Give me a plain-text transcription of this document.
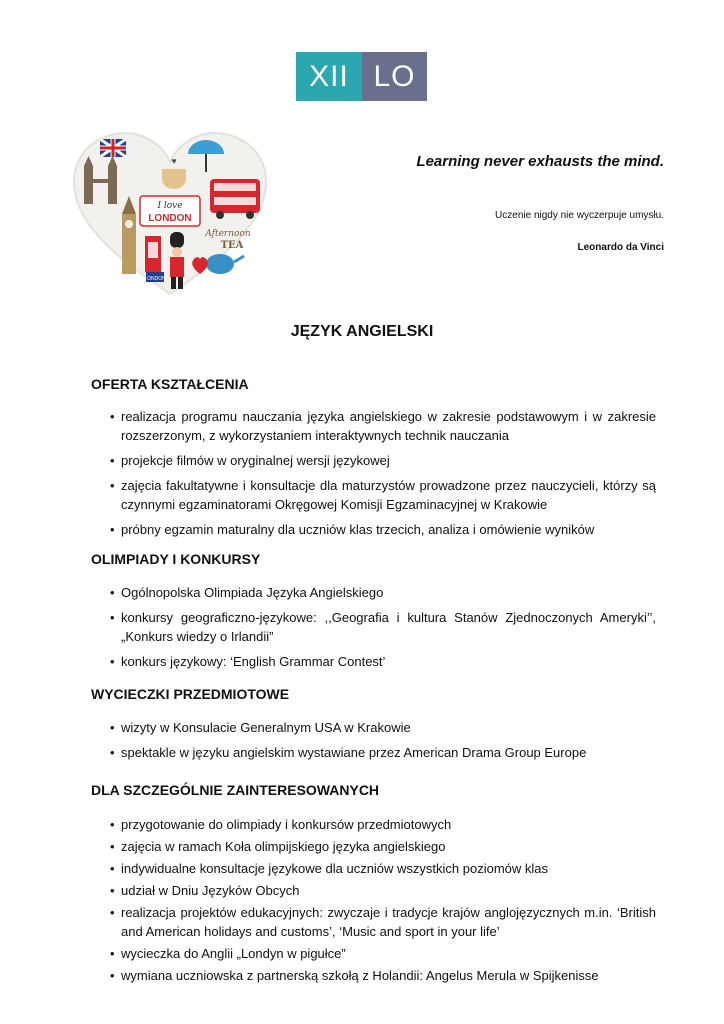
XII LO
♥
I love
LONDON
Afternoon
TEA
LONDON
Learning never exhausts the mind.
Uczenie nigdy nie wyczerpuje umysłu.
Leonardo da Vinci
JĘZYK ANGIELSKI
OFERTA KSZTAŁCENIA
• realizacja programu nauczania języka angielskiego w zakresie podstawowym i w zakresie rozszerzonym, z wykorzystaniem interaktywnych technik nauczania
• projekcje filmów w oryginalnej wersji językowej
• zajęcia fakultatywne i konsultacje dla maturzystów prowadzone przez nauczycieli, którzy są czynnymi egzaminatorami Okręgowej Komisji Egzaminacyjnej w Krakowie
• próbny egzamin maturalny dla uczniów klas trzecich, analiza i omówienie wyników
OLIMPIADY I KONKURSY
• Ogólnopolska Olimpiada Języka Angielskiego
• konkursy geograficzno-językowe: ,,Geografia i kultura Stanów Zjednoczonych Ameryki’’, „Konkurs wiedzy o Irlandii”
• konkurs językowy: ‘English Grammar Contest’
WYCIECZKI PRZEDMIOTOWE
• wizyty w Konsulacie Generalnym USA w Krakowie
• spektakle w języku angielskim wystawiane przez American Drama Group Europe
DLA SZCZEGÓLNIE ZAINTERESOWANYCH
• przygotowanie do olimpiady i konkursów przedmiotowych
• zajęcia w ramach Koła olimpijskiego języka angielskiego
• indywidualne konsultacje językowe dla uczniów wszystkich poziomów klas
• udział w Dniu Języków Obcych
• realizacja projektów edukacyjnych: zwyczaje i tradycje krajów anglojęzycznych m.in. ‘British and American holidays and customs’, ‘Music and sport in your life’
• wycieczka do Anglii „Londyn w pigułce”
• wymiana uczniowska z partnerską szkołą z Holandii: Angelus Merula w Spijkenisse
